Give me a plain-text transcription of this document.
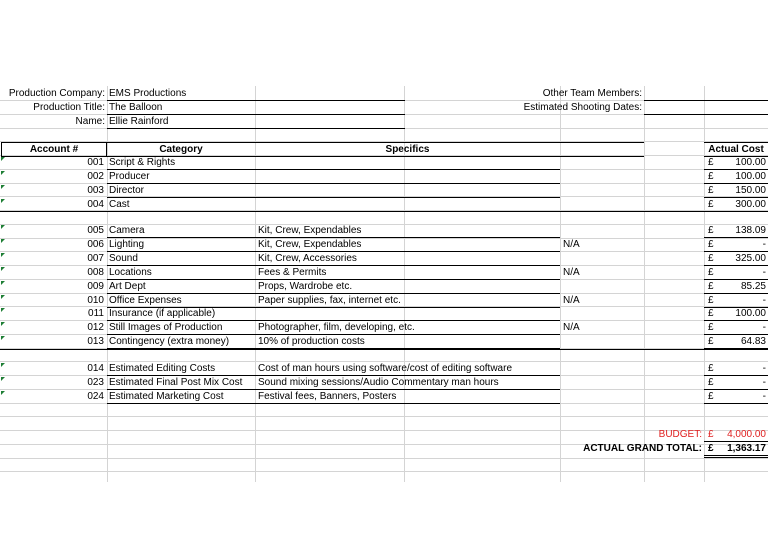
Production Company: EMS Productions
Production Title: The Balloon
Name: Ellie Rainford
Other Team Members:
Estimated Shooting Dates:
Account #	Category	Specifics	Actual Cost
001 Script & Rights	£	100.00
002 Producer	£	100.00
003 Director	£	150.00
004 Cast	£	300.00
005 Camera	Kit, Crew, Expendables	£	138.09
006 Lighting	Kit, Crew, Expendables	N/A	£	-
007 Sound	Kit, Crew, Accessories	£	325.00
008 Locations	Fees & Permits	N/A	£	-
009 Art Dept	Props, Wardrobe etc.	£	85.25
010 Office Expenses	Paper supplies, fax, internet etc.	N/A	£	-
011 Insurance (if applicable)	£	100.00
012 Still Images of Production	Photographer, film, developing, etc.	N/A	£	-
013 Contingency (extra money)	10% of production costs	£	64.83
014 Estimated Editing Costs	Cost of man hours using software/cost of editing software	£	-
023 Estimated Final Post Mix Cost	Sound mixing sessions/Audio Commentary man hours	£	-
024 Estimated Marketing Cost	Festival fees, Banners, Posters	£	-
BUDGET: £	4,000.00
ACTUAL GRAND TOTAL: £	1,363.17
